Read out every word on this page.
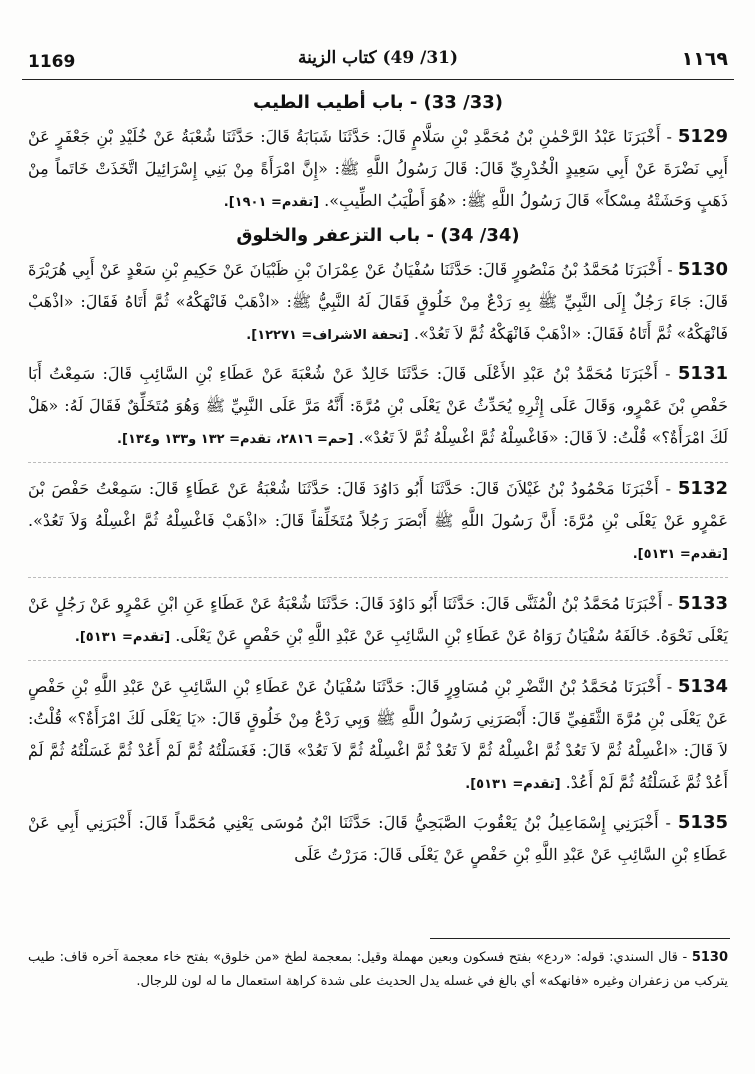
1169	(31/ 49) كتاب الزينة	١١٦٩
(33/ 33) - باب أطيب الطيب

5129 - أَخْبَرَنَا عَبْدُ الرَّحْمٰنِ بْنُ مُحَمَّدِ بْنِ سَلَّامٍ قَالَ: حَدَّثَنَا شَبَابَةُ قَالَ: حَدَّثَنَا شُعْبَةُ عَنْ خُلَيْدِ بْنِ جَعْفَرٍ عَنْ أَبِي نَضْرَةَ عَنْ أَبِي سَعِيدٍ الْخُدْرِيِّ قَالَ: قَالَ رَسُولُ اللَّهِ ﷺ: «إِنَّ امْرَأَةً مِنْ بَنِي إِسْرَائِيلَ اتَّخَذَتْ خَاتَماً مِنْ ذَهَبٍ وَحَشَتْهُ مِسْكاً» قَالَ رَسُولُ اللَّهِ ﷺ: «هُوَ أَطْيَبُ الطِّيبِ». [تقدم= ١٩٠١].

(34/ 34) - باب التزعفر والخلوق

5130 - أَخْبَرَنَا مُحَمَّدُ بْنُ مَنْصُورٍ قَالَ: حَدَّثَنَا سُفْيَانُ عَنْ عِمْرَانَ بْنِ ظَبْيَانَ عَنْ حَكِيمِ بْنِ سَعْدٍ عَنْ أَبِي هُرَيْرَةَ قَالَ: جَاءَ رَجُلٌ إِلَى النَّبِيِّ ﷺ بِهِ رَدْعٌ مِنْ خَلُوقٍ فَقَالَ لَهُ النَّبِيُّ ﷺ: «اذْهَبْ فَانْهَكْهُ» ثُمَّ أَتَاهُ فَقَالَ: «اذْهَبْ فَانْهَكْهُ» ثُمَّ أَتَاهُ فَقَالَ: «اذْهَبْ فَانْهَكْهُ ثُمَّ لاَ تَعُدْ». [تحفة الاشراف= ١٢٢٧١].

5131 - أَخْبَرَنَا مُحَمَّدُ بْنُ عَبْدِ الأَعْلَى قَالَ: حَدَّثَنَا خَالِدٌ عَنْ شُعْبَةَ عَنْ عَطَاءِ بْنِ السَّائِبِ قَالَ: سَمِعْتُ أَبَا حَفْصِ بْنَ عَمْرٍو، وَقَالَ عَلَى إِثْرِهِ يُحَدِّثُ عَنْ يَعْلَى بْنِ مُرَّةَ: أَنَّهُ مَرَّ عَلَى النَّبِيِّ ﷺ وَهُوَ مُتَخَلِّقٌ فَقَالَ لَهُ: «هَلْ لَكَ امْرَأَةٌ؟» قُلْتُ: لاَ قَالَ: «فَاغْسِلْهُ ثُمَّ اغْسِلْهُ ثُمَّ لاَ تَعُدْ». [حم= ٢٨١٦، تقدم= ١٣٢ و١٣٣ و١٣٤].

5132 - أَخْبَرَنَا مَحْمُودُ بْنُ غَيْلاَنَ قَالَ: حَدَّثَنَا أَبُو دَاوُدَ قَالَ: حَدَّثَنَا شُعْبَةُ عَنْ عَطَاءٍ قَالَ: سَمِعْتُ حَفْصَ بْنَ عَمْرٍو عَنْ يَعْلَى بْنِ مُرَّةَ: أَنَّ رَسُولَ اللَّهِ ﷺ أَبْصَرَ رَجُلاً مُتَخَلِّقاً قَالَ: «اذْهَبْ فَاغْسِلْهُ ثُمَّ اغْسِلْهُ وَلاَ تَعُدْ». [تقدم= ٥١٣١].

5133 - أَخْبَرَنَا مُحَمَّدُ بْنُ الْمُثَنَّى قَالَ: حَدَّثَنَا أَبُو دَاوُدَ قَالَ: حَدَّثَنَا شُعْبَةُ عَنْ عَطَاءٍ عَنِ ابْنِ عَمْرٍو عَنْ رَجُلٍ عَنْ يَعْلَى نَحْوَهُ. خَالَفَهُ سُفْيَانُ رَوَاهُ عَنْ عَطَاءِ بْنِ السَّائِبِ عَنْ عَبْدِ اللَّهِ بْنِ حَفْصٍ عَنْ يَعْلَى. [تقدم= ٥١٣١].

5134 - أَخْبَرَنَا مُحَمَّدُ بْنُ النَّضْرِ بْنِ مُسَاوِرٍ قَالَ: حَدَّثَنَا سُفْيَانُ عَنْ عَطَاءِ بْنِ السَّائِبِ عَنْ عَبْدِ اللَّهِ بْنِ حَفْصٍ عَنْ يَعْلَى بْنِ مُرَّةَ الثَّقَفِيِّ قَالَ: أَبْصَرَنِي رَسُولُ اللَّهِ ﷺ وَبِي رَدْعٌ مِنْ خَلُوقٍ قَالَ: «يَا يَعْلَى لَكَ امْرَأَةٌ؟» قُلْتُ: لاَ قَالَ: «اغْسِلْهُ ثُمَّ لاَ تَعُدْ ثُمَّ اغْسِلْهُ ثُمَّ لاَ تَعُدْ ثُمَّ اغْسِلْهُ ثُمَّ لاَ تَعُدْ» قَالَ: فَغَسَلْتُهُ ثُمَّ لَمْ أَعُدْ ثُمَّ غَسَلْتُهُ ثُمَّ لَمْ أَعُدْ ثُمَّ غَسَلْتُهُ ثُمَّ لَمْ أَعُدْ. [تقدم= ٥١٣١].

5135 - أَخْبَرَنِي إِسْمَاعِيلُ بْنُ يَعْقُوبَ الصَّبَحِيُّ قَالَ: حَدَّثَنَا ابْنُ مُوسَى يَعْنِي مُحَمَّداً قَالَ: أَخْبَرَنِي أَبِي عَنْ عَطَاءِ بْنِ السَّائِبِ عَنْ عَبْدِ اللَّهِ بْنِ حَفْصٍ عَنْ يَعْلَى قَالَ: مَرَرْتُ عَلَى

5130 - قال السندي: قوله: «ردع» بفتح فسكون وبعين مهملة وقيل: بمعجمة لطخ «من خلوق» بفتح خاء معجمة آخره قاف: طيب يتركب من زعفران وغيره «فانهكه» أي بالغ في غسله يدل الحديث على شدة كراهة استعمال ما له لون للرجال.
